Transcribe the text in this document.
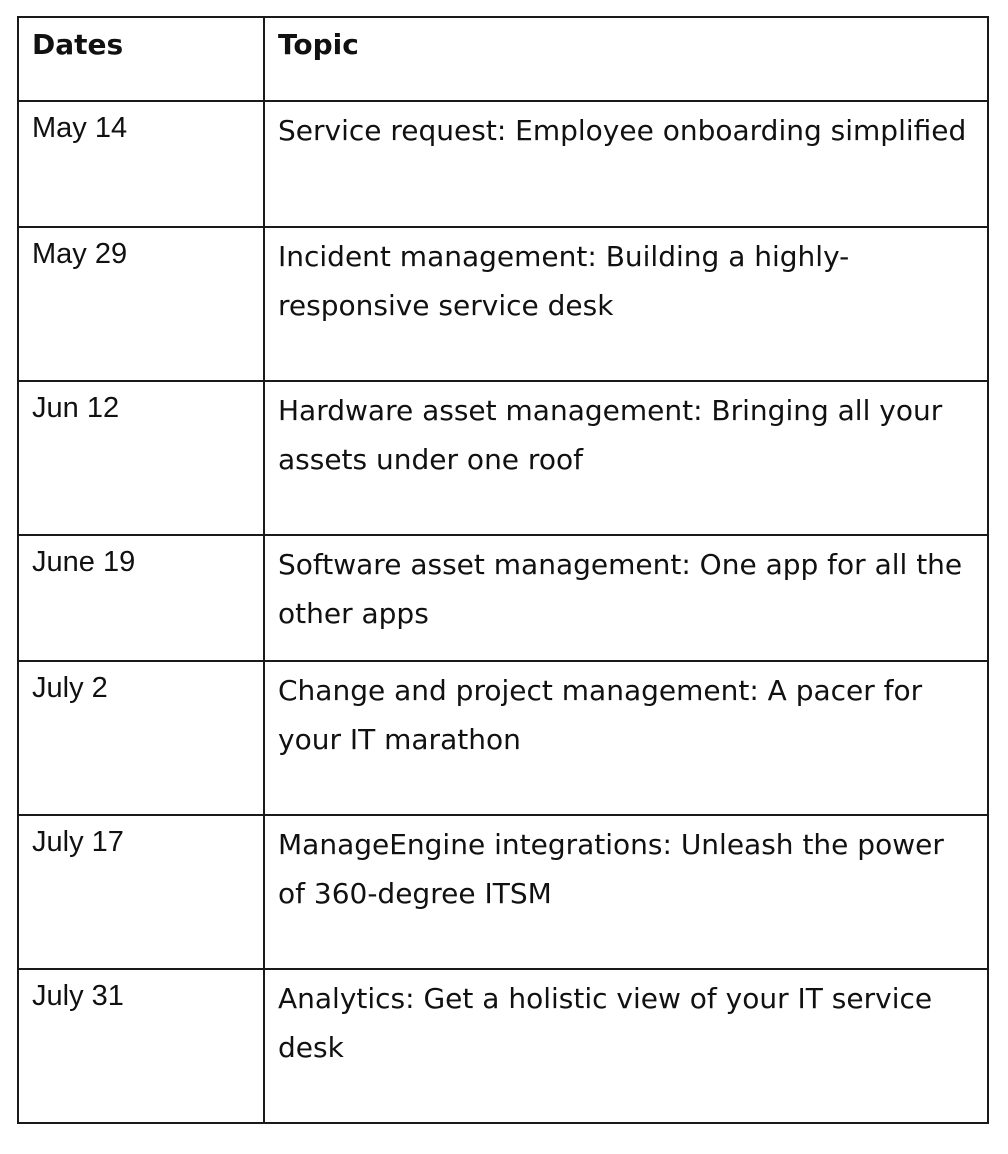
Dates	Topic
May 14	Service request: Employee onboarding simplified
May 29	Incident management: Building a highly-responsive service desk
Jun 12	Hardware asset management: Bringing all your assets under one roof
June 19	Software asset management: One app for all the other apps
July 2	Change and project management: A pacer for your IT marathon
July 17	ManageEngine integrations: Unleash the power of 360-degree ITSM
July 31	Analytics: Get a holistic view of your IT service desk
